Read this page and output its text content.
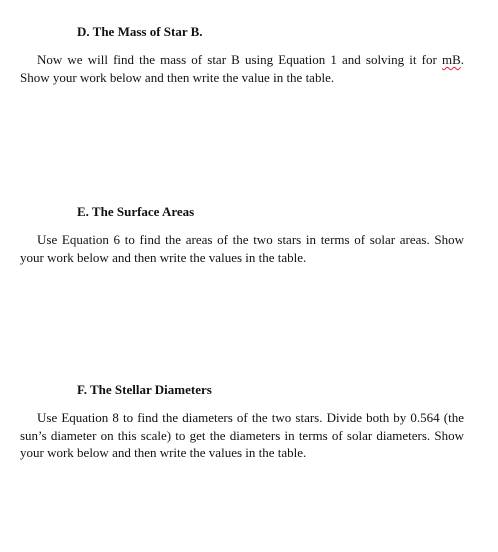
D. The Mass of Star B.
Now we will find the mass of star B using Equation 1 and solving it for mB. Show your work below and then write the value in the table.
E. The Surface Areas
Use Equation 6 to find the areas of the two stars in terms of solar areas. Show your work below and then write the values in the table.
F. The Stellar Diameters
Use Equation 8 to find the diameters of the two stars. Divide both by 0.564 (the sun’s diameter on this scale) to get the diameters in terms of solar diameters. Show your work below and then write the values in the table.
